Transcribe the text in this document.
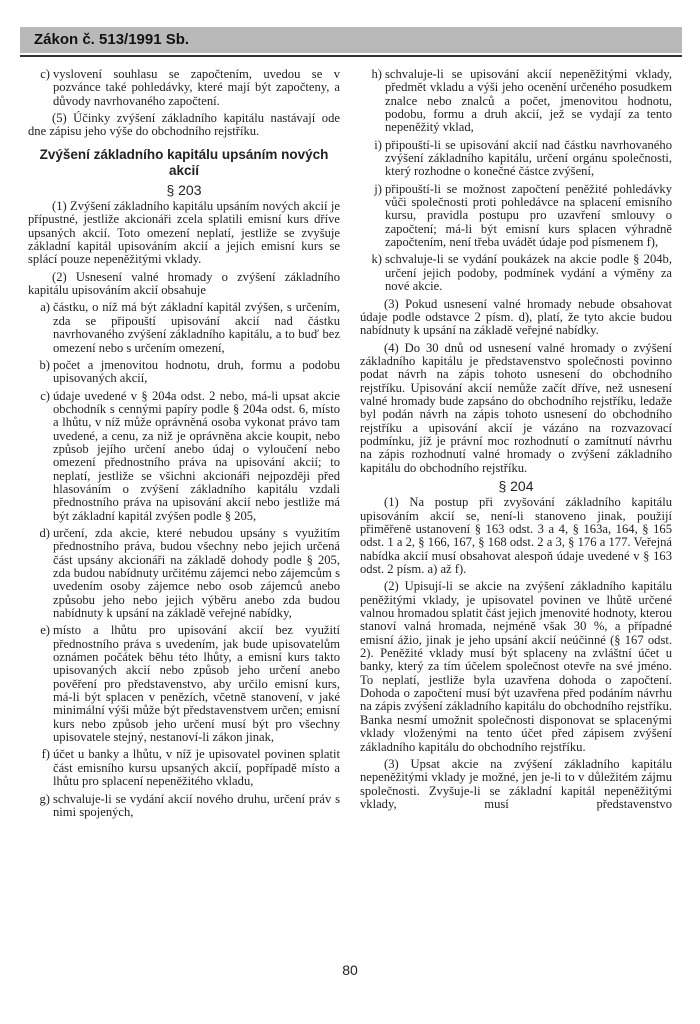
Zákon č. 513/1991 Sb.
c) vyslovení souhlasu se započtením, uvedou se v pozvánce také pohledávky, které mají být započteny, a důvody navrhovaného započtení.
(5) Účinky zvýšení základního kapitálu nastávají ode dne zápisu jeho výše do obchodního rejstříku.
Zvýšení základního kapitálu upsáním nových akcií
§ 203
(1) Zvýšení základního kapitálu upsáním nových akcií je přípustné, jestliže akcionáři zcela splatili emisní kurs dříve upsaných akcií. Toto omezení neplatí, jestliže se zvyšuje základní kapitál upisováním akcií a jejich emisní kurs se splácí pouze nepeněžitými vklady.
(2) Usnesení valné hromady o zvýšení základního kapitálu upisováním akcií obsahuje
a) částku, o níž má být základní kapitál zvýšen, s určením, zda se připouští upisování akcií nad částku navrhovaného zvýšení základního kapitálu, a to buď bez omezení nebo s určením omezení,
b) počet a jmenovitou hodnotu, druh, formu a podobu upisovaných akcií,
c) údaje uvedené v § 204a odst. 2 nebo, má-li upsat akcie obchodník s cennými papíry podle § 204a odst. 6, místo a lhůtu, v níž může oprávněná osoba vykonat právo tam uvedené, a cenu, za niž je oprávněna akcie koupit, nebo způsob jejího určení anebo údaj o vyloučení nebo omezení přednostního práva na upisování akcií; to neplatí, jestliže se všichni akcionáři nejpozději před hlasováním o zvýšení základního kapitálu vzdali přednostního práva na upisování akcií nebo jestliže má být základní kapitál zvýšen podle § 205,
d) určení, zda akcie, které nebudou upsány s využitím přednostního práva, budou všechny nebo jejich určená část upsány akcionáři na základě dohody podle § 205, zda budou nabídnuty určitému zájemci nebo zájemcům s uvedením osoby zájemce nebo osob zájemců anebo způsobu jeho nebo jejich výběru anebo zda budou nabídnuty k upsání na základě veřejné nabídky,
e) místo a lhůtu pro upisování akcií bez využití přednostního práva s uvedením, jak bude upisovatelům oznámen počátek běhu této lhůty, a emisní kurs takto upisovaných akcií nebo způsob jeho určení anebo pověření pro představenstvo, aby určilo emisní kurs, má-li být splacen v penězích, včetně stanovení, v jaké minimální výši může být představenstvem určen; emisní kurs nebo způsob jeho určení musí být pro všechny upisovatele stejný, nestanoví-li zákon jinak,
f) účet u banky a lhůtu, v níž je upisovatel povinen splatit část emisního kursu upsaných akcií, popřípadě místo a lhůtu pro splacení nepeněžitého vkladu,
g) schvaluje-li se vydání akcií nového druhu, určení práv s nimi spojených,
h) schvaluje-li se upisování akcií nepeněžitými vklady, předmět vkladu a výši jeho ocenění určeného posudkem znalce nebo znalců a počet, jmenovitou hodnotu, podobu, formu a druh akcií, jež se vydají za tento nepeněžitý vklad,
i) připouští-li se upisování akcií nad částku navrhovaného zvýšení základního kapitálu, určení orgánu společnosti, který rozhodne o konečné částce zvýšení,
j) připouští-li se možnost započtení peněžité pohledávky vůči společnosti proti pohledávce na splacení emisního kursu, pravidla postupu pro uzavření smlouvy o započtení; má-li být emisní kurs splacen výhradně započtením, není třeba uvádět údaje pod písmenem f),
k) schvaluje-li se vydání poukázek na akcie podle § 204b, určení jejich podoby, podmínek vydání a výměny za nové akcie.
(3) Pokud usnesení valné hromady nebude obsahovat údaje podle odstavce 2 písm. d), platí, že tyto akcie budou nabídnuty k upsání na základě veřejné nabídky.
(4) Do 30 dnů od usnesení valné hromady o zvýšení základního kapitálu je představenstvo společnosti povinno podat návrh na zápis tohoto usnesení do obchodního rejstříku. Upisování akcií nemůže začít dříve, než usnesení valné hromady bude zapsáno do obchodního rejstříku, ledaže byl podán návrh na zápis tohoto usnesení do obchodního rejstříku a upisování akcií je vázáno na rozvazovací podmínku, jíž je právní moc rozhodnutí o zamítnutí návrhu na zápis rozhodnutí valné hromady o zvýšení základního kapitálu do obchodního rejstříku.
§ 204
(1) Na postup při zvyšování základního kapitálu upisováním akcií se, není-li stanoveno jinak, použijí přiměřeně ustanovení § 163 odst. 3 a 4, § 163a, 164, § 165 odst. 1 a 2, § 166, 167, § 168 odst. 2 a 3, § 176 a 177. Veřejná nabídka akcií musí obsahovat alespoň údaje uvedené v § 163 odst. 2 písm. a) až f).
(2) Upisují-li se akcie na zvýšení základního kapitálu peněžitými vklady, je upisovatel povinen ve lhůtě určené valnou hromadou splatit část jejich jmenovité hodnoty, kterou stanoví valná hromada, nejméně však 30 %, a případné emisní ážio, jinak je jeho upsání akcií neúčinné (§ 167 odst. 2). Peněžité vklady musí být splaceny na zvláštní účet u banky, který za tím účelem společnost otevře na své jméno. To neplatí, jestliže byla uzavřena dohoda o započtení. Dohoda o započtení musí být uzavřena před podáním návrhu na zápis zvýšení základního kapitálu do obchodního rejstříku. Banka nesmí umožnit společnosti disponovat se splacenými vklady vloženými na tento účet před zápisem zvýšení základního kapitálu do obchodního rejstříku.
(3) Upsat akcie na zvýšení základního kapitálu nepeněžitými vklady je možné, jen je-li to v důležitém zájmu společnosti. Zvyšuje-li se základní kapitál nepeněžitými vklady, musí představenstvo
80
